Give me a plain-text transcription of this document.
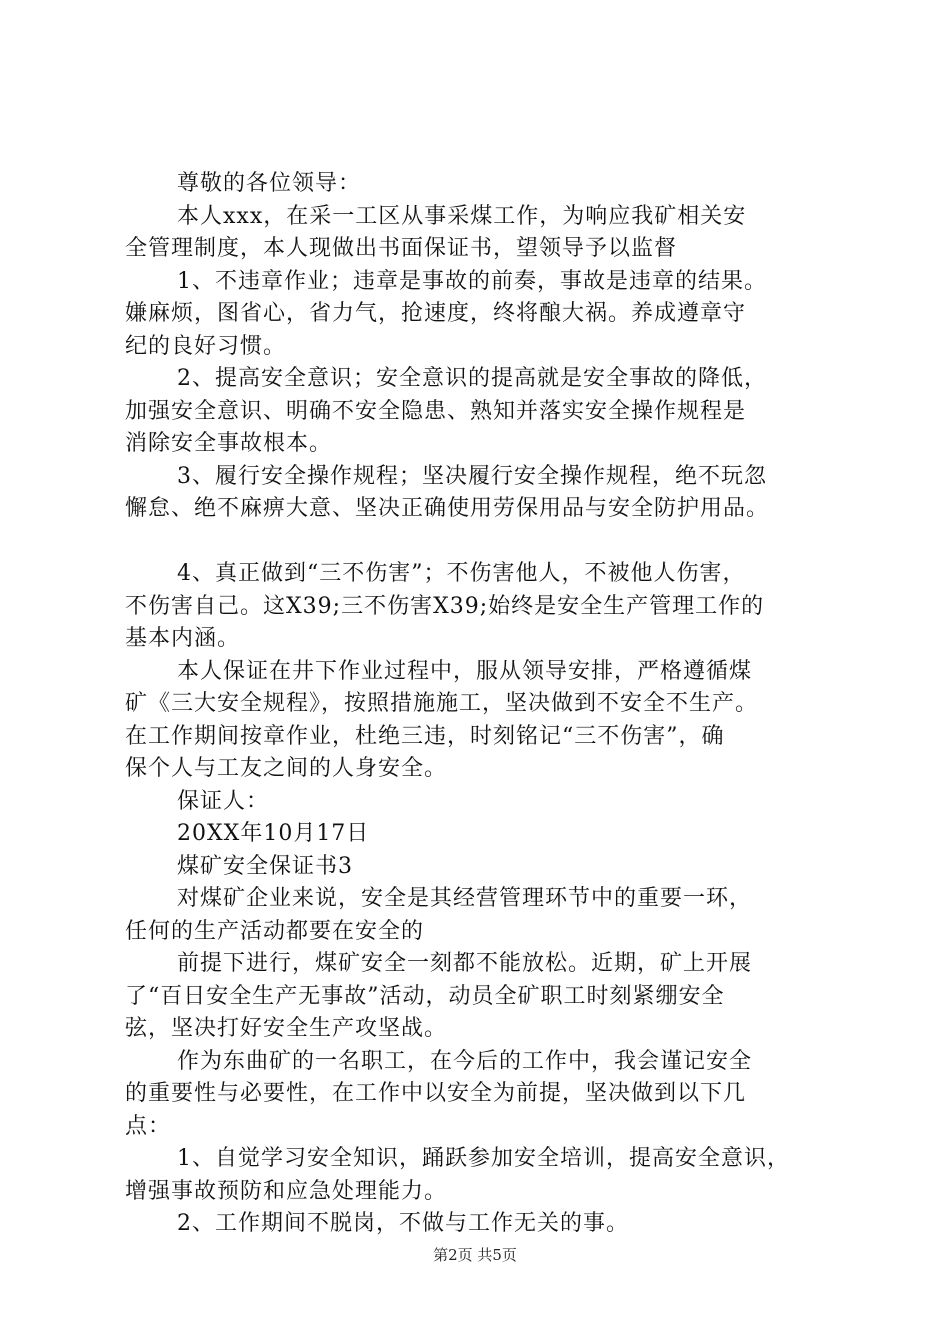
尊敬的各位领导：
本人xxx，在采一工区从事采煤工作，为响应我矿相关安
全管理制度，本人现做出书面保证书，望领导予以监督
1、不违章作业；违章是事故的前奏，事故是违章的结果。
嫌麻烦，图省心，省力气，抢速度，终将酿大祸。养成遵章守
纪的良好习惯。
2、提高安全意识；安全意识的提高就是安全事故的降低，
加强安全意识、明确不安全隐患、熟知并落实安全操作规程是
消除安全事故根本。
3、履行安全操作规程；坚决履行安全操作规程，绝不玩忽
懈怠、绝不麻痹大意、坚决正确使用劳保用品与安全防护用品。
4、真正做到“三不伤害”；不伤害他人，不被他人伤害，
不伤害自己。这X39;三不伤害X39;始终是安全生产管理工作的
基本内涵。
本人保证在井下作业过程中，服从领导安排，严格遵循煤
矿《三大安全规程》，按照措施施工，坚决做到不安全不生产。
在工作期间按章作业，杜绝三违，时刻铭记“三不伤害”，确
保个人与工友之间的人身安全。
保证人：
20XX年10月17日
煤矿安全保证书3
对煤矿企业来说，安全是其经营管理环节中的重要一环，
任何的生产活动都要在安全的
前提下进行，煤矿安全一刻都不能放松。近期，矿上开展
了“百日安全生产无事故”活动，动员全矿职工时刻紧绷安全
弦，坚决打好安全生产攻坚战。
作为东曲矿的一名职工，在今后的工作中，我会谨记安全
的重要性与必要性，在工作中以安全为前提，坚决做到以下几
点：
1、自觉学习安全知识，踊跃参加安全培训，提高安全意识，
增强事故预防和应急处理能力。
2、工作期间不脱岗，不做与工作无关的事。
第2页 共5页
